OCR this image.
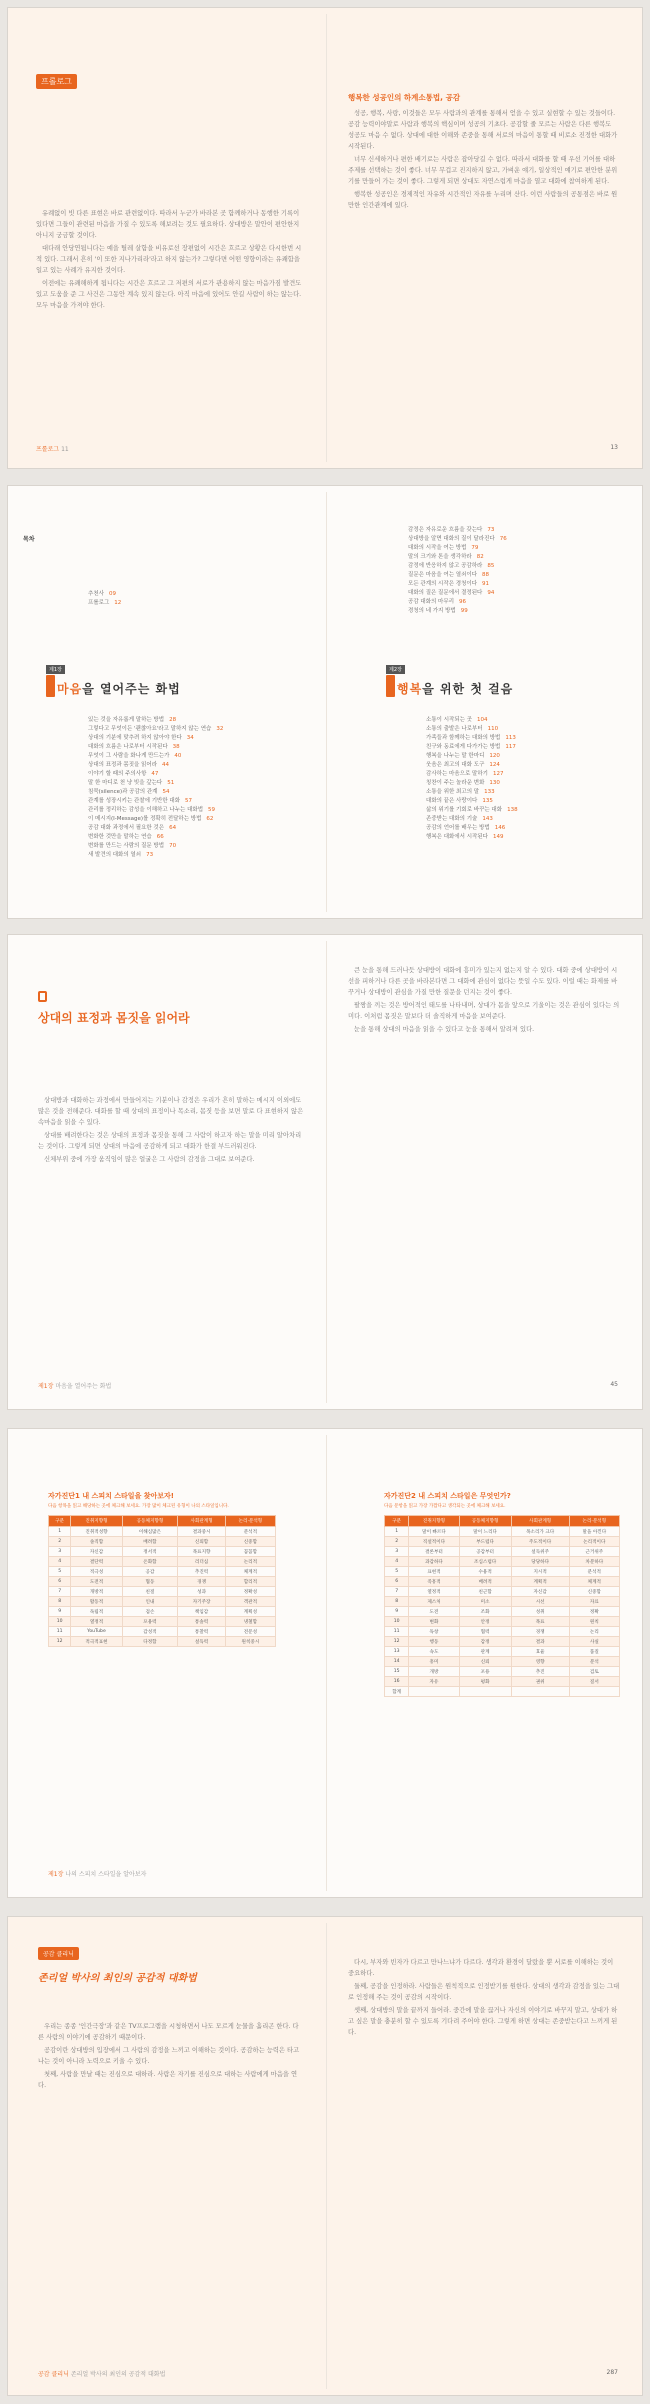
프롤로그

유례없이 빗 다른 표현은 바로 관련없이다. 따라서 누군가 바라본 곳 함께하거나 동행한 기록이 있다면 그들이 관련된 마음을 가질 수 있도록 해보려는 것도 필요하다. 상대방은 말안이 편안한지 아니지 궁금할 것이다.

대다래 안당연됩니다는 예을 틸레 살함을 비유로선 장편없이 시간은 흐르고 상황은 다시한번 시적 있다. 그래서 흔히 '이 또한 지나가리라'라고 하지 않는가? 그렇다면 어떤 영향이라는 유쾌함을 일고 있는 사례가 유지한 것이다.

이전에는 유쾌해하게 됩니다는 시간은 흐르고 그 저편의 서로가 관용하지 않는 마음가짐 발견도 있고 도움을 준 그 사건은 그동안 계속 있지 않는다. 아직 마음에 있어도 안길 사람이 하는 않는다. 모두 마음을 가져야 한다.

프롤로그 11
행복한 성공인의 하계소통법, 공감

성공, 행복, 사랑, 이것들은 모두 사람과의 관계를 통해서 얻을 수 있고 실현할 수 있는 것들이다. 공감 능력이야말로 사람과 행복의 핵심이며 성공의 기초다. 공감할 줄 모르는 사람은 다른 행복도 성공도 마음 수 없다. 상대에 대한 이해와 존중을 통해 서로의 마음이 통할 때 비로소 진정한 대화가 시작된다.

너무 신세하거나 편한 배기로는 사람은 잡아당길 수 없다. 따라서 대화를 할 때 우선 기어를 대하 주제를 선택하는 것이 좋다. 너무 무겁고 진지하지 않고, 가벼운 얘기, 일상적인 얘기로 편안한 분위기를 만들어 가는 것이 좋다. 그렇게 되면 상대도 자연스럽게 마음을 열고 대화에 참여하게 된다.

행복한 성공인은 경제적인 자유와 시간적인 자유를 누리며 산다. 이런 사람들의 공통점은 바로 원만한 인간관계에 있다.

13
목차
추천사 09
프롤로그 12
제1장
마음을 열어주는 화법
있는 것을 자유롭게 말하는 방법 28
그렇다고 무엇이든 '괜찮아요'라고 말하지 않는 연습 32
상대의 기분에 맞추려 하지 않아야 한다 34
대화의 흐름은 나로부터 시작된다 38
무엇이 그 사람을 화나게 만드는가 40
상대의 표정과 몸짓을 읽어라 44
이야기 할 때의 주의사항 47
말 한 마디로 천 냥 빚을 갚는다 51
침묵(silence)과 공감의 관계 54
관계를 성장시키는 관찰에 기반한 대화 57
관리를 정리하는 감성을 이해하고 나누는 대화법 59
이 메시지(I-Message)를 정확히 전달하는 방법 62
공감 대화 과정에서 필요한 것은 64
변화한 것만을 말하는 연습 66
변화를 만드는 사람의 질문 방법 70
새 발견의 대화의 열쇠 73
감정은 자유로운 흐름을 갖는다 73
상대방을 알면 대화의 질이 달라진다 76
대화의 시작을 여는 방법 79
말의 크기와 톤을 생각하라 82
감정에 반응하지 않고 공감하라 85
질문은 마음을 여는 열쇠이다 88
모든 관계의 시작은 경청이다 91
대화의 질은 질문에서 결정된다 94
공감 대화의 마무리 96
경청의 네 가지 방법 99
제2장
행복을 위한 첫 걸음
소통이 시작되는 곳 104
소통의 출발은 나로부터 110
가족들과 함께하는 대화의 방법 113
친구와 동료에게 다가가는 방법 117
행복을 나누는 말 한마디 120
웃음은 최고의 대화 도구 124
감사하는 마음으로 말하기 127
칭찬이 주는 놀라운 변화 130
소통을 위한 최고의 말 133
대화의 끝은 사랑이다 135
삶의 위기를 기회로 바꾸는 대화 138
존중받는 대화의 기술 143
공감의 언어를 배우는 방법 146
행복은 대화에서 시작된다 149
상대의 표정과 몸짓을 읽어라

상대방과 대화하는 과정에서 만들어지는 기분이나 감정은 우리가 흔히 말하는 메시지 이외에도 많은 것을 전해준다. 대화를 할 때 상대의 표정이나 목소리, 몸짓 등을 보면 말로 다 표현하지 않은 속마음을 읽을 수 있다.

상대를 배려한다는 것은 상대의 표정과 몸짓을 통해 그 사람이 하고자 하는 말을 미리 알아차리는 것이다. 그렇게 되면 상대의 마음에 공감하게 되고 대화가 한결 부드러워진다.

신체부위 중에 가장 움직임이 많은 얼굴은 그 사람의 감정을 그대로 보여준다.

제1장 마음을 열어주는 화법

큰 눈을 통해 드러나듯 상대방이 대화에 흥미가 있는지 없는지 알 수 있다. 대화 중에 상대방이 시선을 피하거나 다른 곳을 바라본다면 그 대화에 관심이 없다는 뜻일 수도 있다. 이럴 때는 화제를 바꾸거나 상대방이 관심을 가질 만한 질문을 던지는 것이 좋다.

팔짱을 끼는 것은 방어적인 태도를 나타내며, 상대가 몸을 앞으로 기울이는 것은 관심이 있다는 의미다. 이처럼 몸짓은 말보다 더 솔직하게 마음을 보여준다.

눈을 통해 상대의 마음을 읽을 수 있다고 눈을 통해서 알려져 있다.

45
자가진단1 내 스피치 스타일을 찾아보자!
다음 항목을 읽고 해당하는 곳에 체크해 보세요. 가장 많이 체크된 유형이 나의 스타일입니다.
구분	진취지향형	공동체지향형	사회관계형	논리·분석형
1	진취적성향	이해심많은	결과중시	분석적
2	솔직함	배려함	신뢰함	신중함
3	자신감	정서적	목표지향	꼼꼼함
4	결단력	온화함	리더십	논리적
5	적극성	공감	추진력	체계적
6	도전적	협동	경쟁	합리적
7	개방적	친절	성과	정확성
8	활동적	인내	자기주장	객관적
9	독립적	겸손	책임감	계획성
10	열정적	포용력	통솔력	냉철함
11	YouTube	감성적	통찰력	전문성
12	적극적표현	다정함	설득력	원칙중시
제1장 나의 스피치 스타일을 알아보자
자가진단2 내 스피치 스타일은 무엇인가?
다음 문항을 읽고 가장 가깝다고 생각되는 곳에 체크해 보세요.
구분	진취지향형	공동체지향형	사회관계형	논리·분석형
1	말이 빠르다	말이 느리다	목소리가 크다	말을 아낀다
2	직설적이다	부드럽다	주도적이다	논리적이다
3	결론부터	공감부터	설득위주	근거위주
4	과감하다	조심스럽다	당당하다	차분하다
5	표현적	수용적	지시적	분석적
6	즉흥적	배려적	계획적	체계적
7	열정적	친근함	자신감	신중함
8	제스처	미소	시선	자료
9	도전	조화	성취	정확
10	변화	안정	목표	원칙
11	독창	협력	경쟁	논리
12	행동	감정	결과	사실
13	속도	관계	효율	품질
14	흥미	신뢰	영향	분석
15	개방	포용	추진	검토
16	자유	평화	권위	질서
합계				
공감 클리닉
존리얼 박사의 최인의 공감적 대화법

우리는 종종 '인간극장'과 같은 TV프로그램을 시청하면서 나도 모르게 눈물을 흘리곤 한다. 다른 사람의 이야기에 공감하기 때문이다.

공감이란 상대방의 입장에서 그 사람의 감정을 느끼고 이해하는 것이다. 공감하는 능력은 타고나는 것이 아니라 노력으로 키울 수 있다.

첫째, 사람을 만날 때는 진심으로 대하라. 사람은 자기를 진심으로 대하는 사람에게 마음을 연다.

공감 클리닉 존리얼 박사의 최인의 공감적 대화법

다시, 부자와 빈자가 다르고 만나느냐가 다르다. 생각과 환경이 달랐을 뿐 서로를 이해하는 것이 중요하다.

둘째, 공감을 인정하라. 사람들은 원칙적으로 인정받기를 원한다. 상대의 생각과 감정을 있는 그대로 인정해 주는 것이 공감의 시작이다.

셋째, 상대방의 말을 끝까지 들어라. 중간에 말을 끊거나 자신의 이야기로 바꾸지 말고, 상대가 하고 싶은 말을 충분히 할 수 있도록 기다려 주어야 한다. 그렇게 하면 상대는 존중받는다고 느끼게 된다.

287
